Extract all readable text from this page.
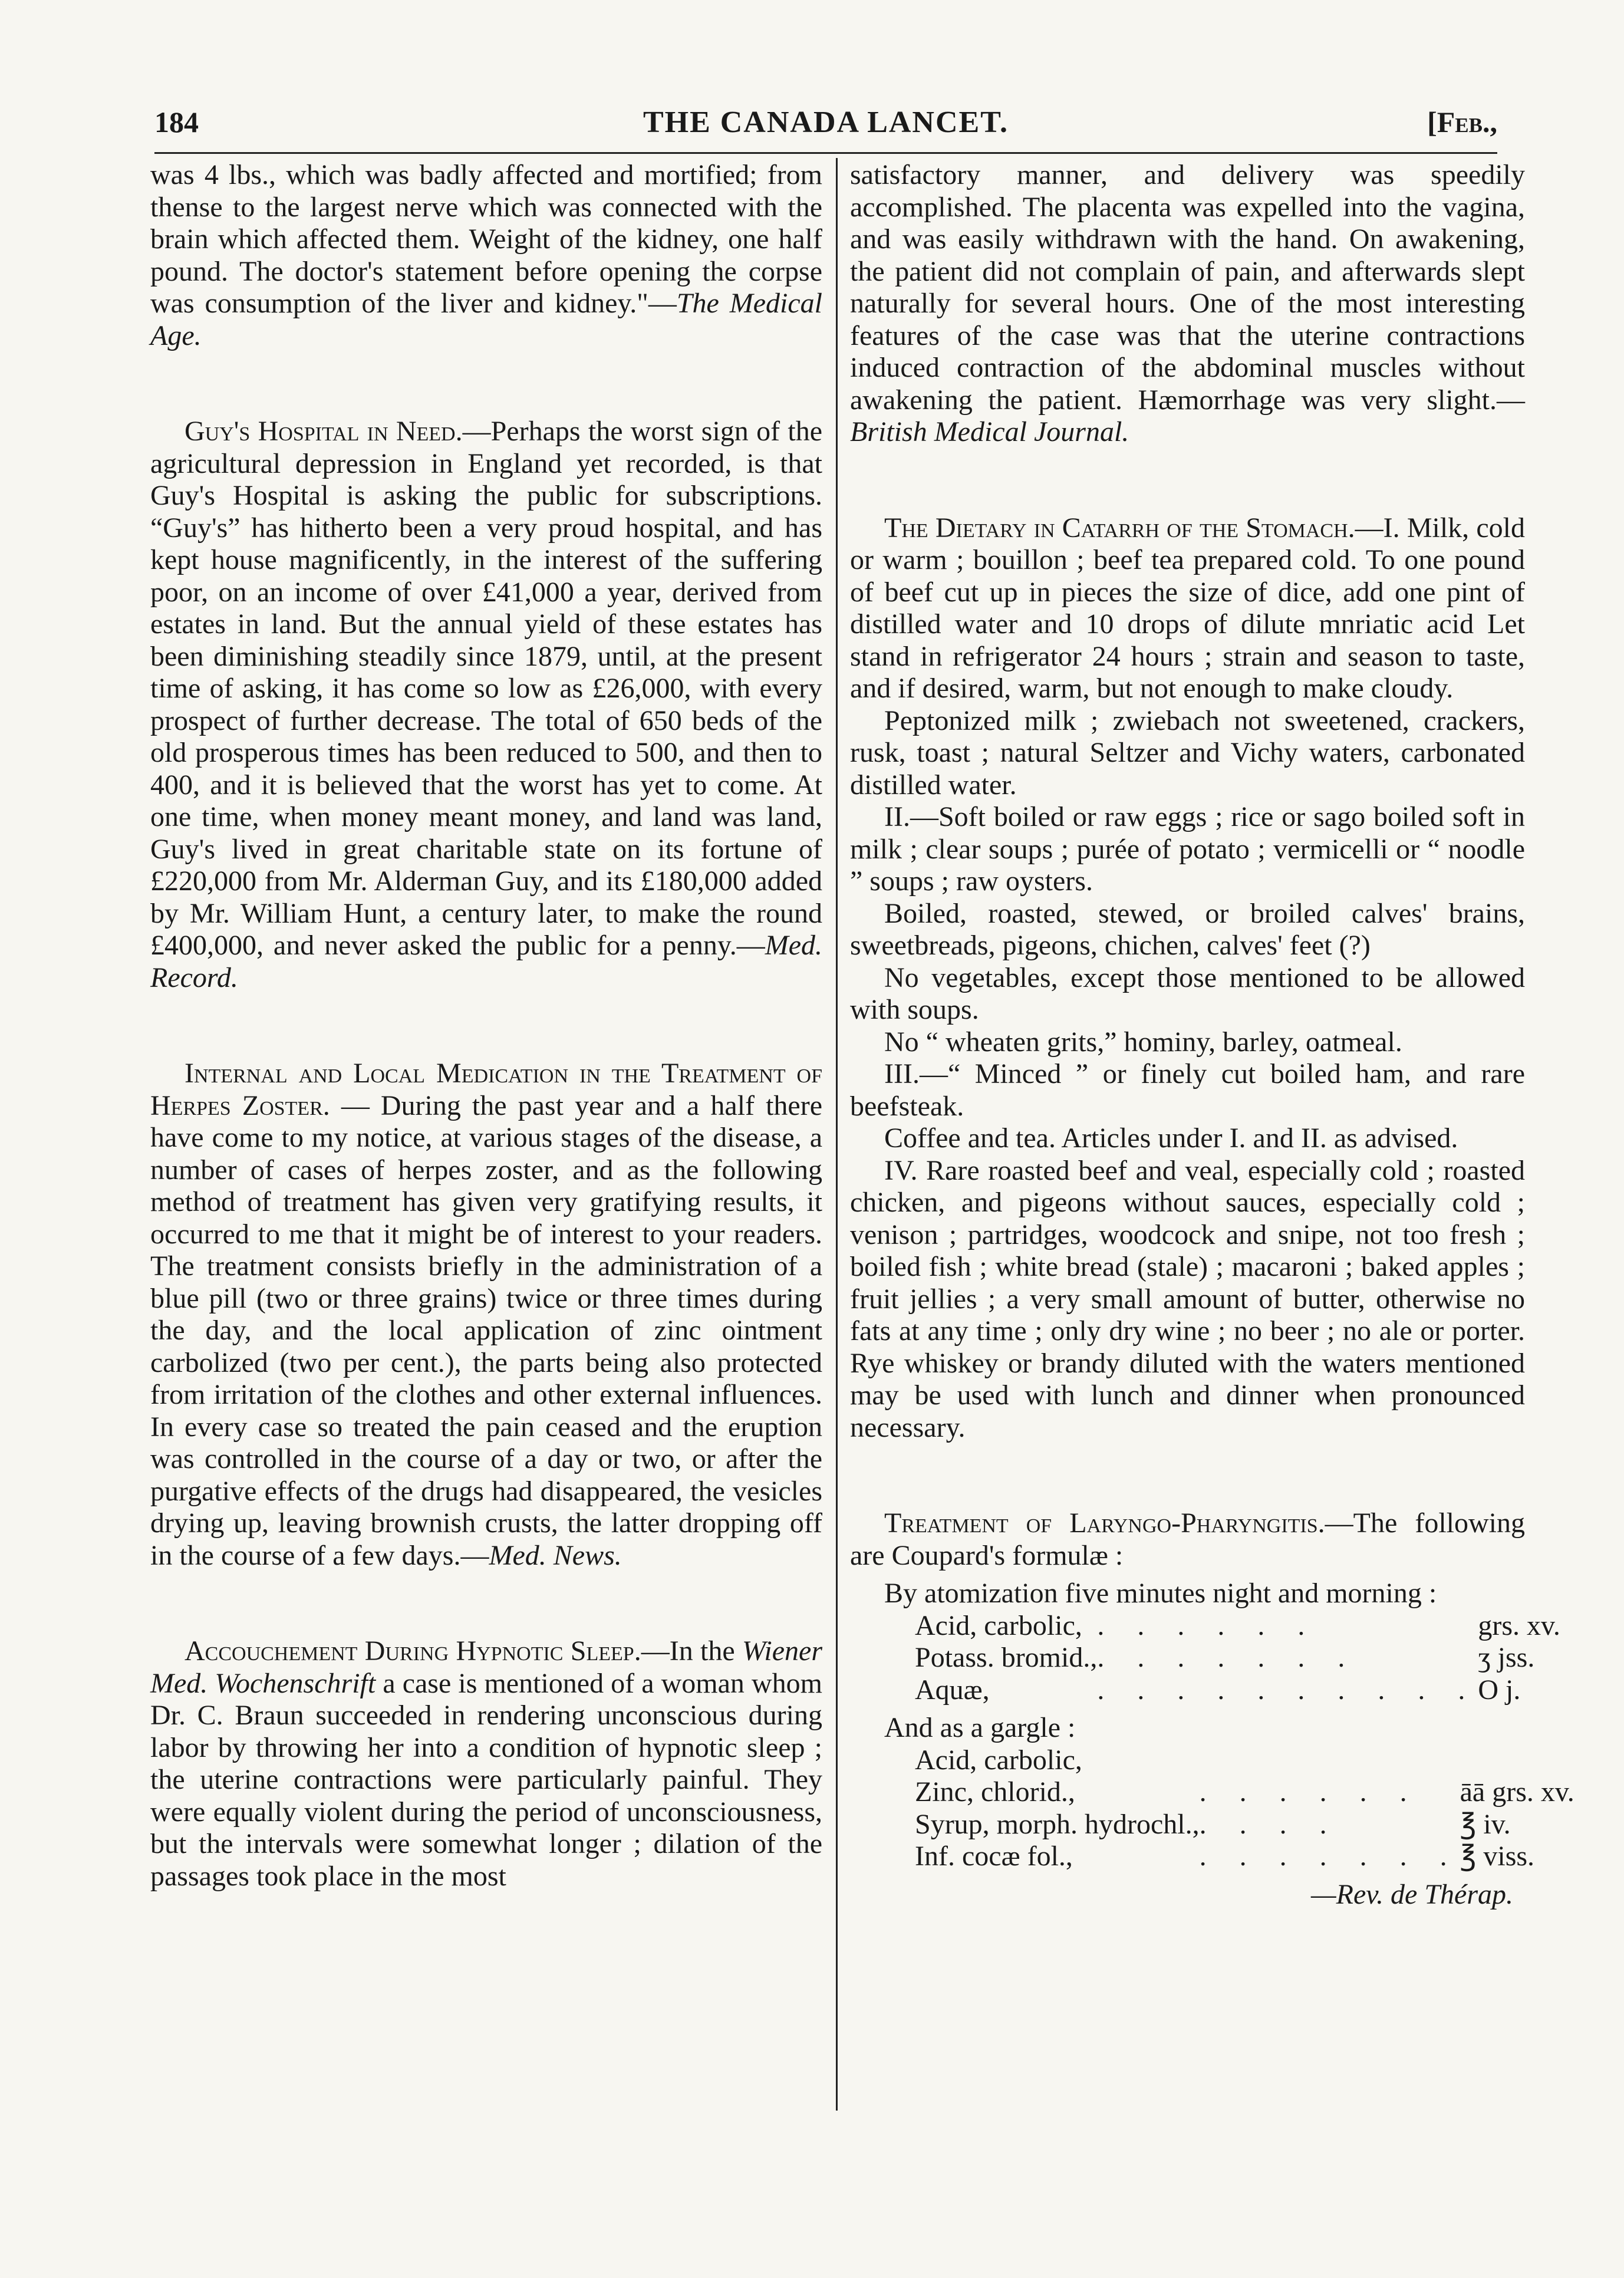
184	THE CANADA LANCET.	[Feb.,

was 4 lbs., which was badly affected and mortified; from thense to the largest nerve which was connected with the brain which affected them. Weight of the kidney, one half pound. The doctor's statement before opening the corpse was consumption of the liver and kidney."—The Medical Age.

Guy's Hospital in Need.—Perhaps the worst sign of the agricultural depression in England yet recorded, is that Guy's Hospital is asking the public for subscriptions. “Guy's” has hitherto been a very proud hospital, and has kept house magnificently, in the interest of the suffering poor, on an income of over £41,000 a year, derived from estates in land. But the annual yield of these estates has been diminishing steadily since 1879, until, at the present time of asking, it has come so low as £26,000, with every prospect of further decrease. The total of 650 beds of the old prosperous times has been reduced to 500, and then to 400, and it is believed that the worst has yet to come. At one time, when money meant money, and land was land, Guy's lived in great charitable state on its fortune of £220,000 from Mr. Alderman Guy, and its £180,000 added by Mr. William Hunt, a century later, to make the round £400,000, and never asked the public for a penny.—Med. Record.

Internal and Local Medication in the Treatment of Herpes Zoster. — During the past year and a half there have come to my notice, at various stages of the disease, a number of cases of herpes zoster, and as the following method of treatment has given very gratifying results, it occurred to me that it might be of interest to your readers. The treatment consists briefly in the administration of a blue pill (two or three grains) twice or three times during the day, and the local application of zinc ointment carbolized (two per cent.), the parts being also protected from irritation of the clothes and other external influences. In every case so treated the pain ceased and the eruption was controlled in the course of a day or two, or after the purgative effects of the drugs had disappeared, the vesicles drying up, leaving brownish crusts, the latter dropping off in the course of a few days.—Med. News.

Accouchement During Hypnotic Sleep.—In the Wiener Med. Wochenschrift a case is mentioned of a woman whom Dr. C. Braun succeeded in rendering unconscious during labor by throwing her into a condition of hypnotic sleep ; the uterine contractions were particularly painful. They were equally violent during the period of unconsciousness, but the intervals were somewhat longer ; dilation of the passages took place in the most

satisfactory manner, and delivery was speedily accomplished. The placenta was expelled into the vagina, and was easily withdrawn with the hand. On awakening, the patient did not complain of pain, and afterwards slept naturally for several hours. One of the most interesting features of the case was that the uterine contractions induced contraction of the abdominal muscles without awakening the patient. Hæmorrhage was very slight.—British Medical Journal.

The Dietary in Catarrh of the Stomach.—I. Milk, cold or warm ; bouillon ; beef tea prepared cold. To one pound of beef cut up in pieces the size of dice, add one pint of distilled water and 10 drops of dilute mnriatic acid Let stand in refrigerator 24 hours ; strain and season to taste, and if desired, warm, but not enough to make cloudy.

Peptonized milk ; zwiebach not sweetened, crackers, rusk, toast ; natural Seltzer and Vichy waters, carbonated distilled water.

II.—Soft boiled or raw eggs ; rice or sago boiled soft in milk ; clear soups ; purée of potato ; vermicelli or “ noodle ” soups ; raw oysters.

Boiled, roasted, stewed, or broiled calves' brains, sweetbreads, pigeons, chichen, calves' feet (?)

No vegetables, except those mentioned to be allowed with soups.

No “ wheaten grits,” hominy, barley, oatmeal.

III.—“ Minced ” or finely cut boiled ham, and rare beefsteak.

Coffee and tea. Articles under I. and II. as advised.

IV. Rare roasted beef and veal, especially cold ; roasted chicken, and pigeons without sauces, especially cold ; venison ; partridges, woodcock and snipe, not too fresh ; boiled fish ; white bread (stale) ; macaroni ; baked apples ; fruit jellies ; a very small amount of butter, otherwise no fats at any time ; only dry wine ; no beer ; no ale or porter. Rye whiskey or brandy diluted with the waters mentioned may be used with lunch and dinner when pronounced necessary.

Treatment of Laryngo-Pharyngitis.—The following are Coupard's formulæ :

By atomization five minutes night and morning :

Acid, carbolic,	. . . . . .	grs. xv.
Potass. bromid.,	. . . . . . .	ʒ jss.
Aquæ,	. . . . . . . . . .	O j.

And as a gargle :

Acid, carbolic,		
Zinc, chlorid.,	. . . . . .	āā grs. xv.
Syrup, morph. hydrochl.,	. . . .	℥ iv.
Inf. cocæ fol.,	. . . . . . .	℥ viss.

—Rev. de Thérap.
